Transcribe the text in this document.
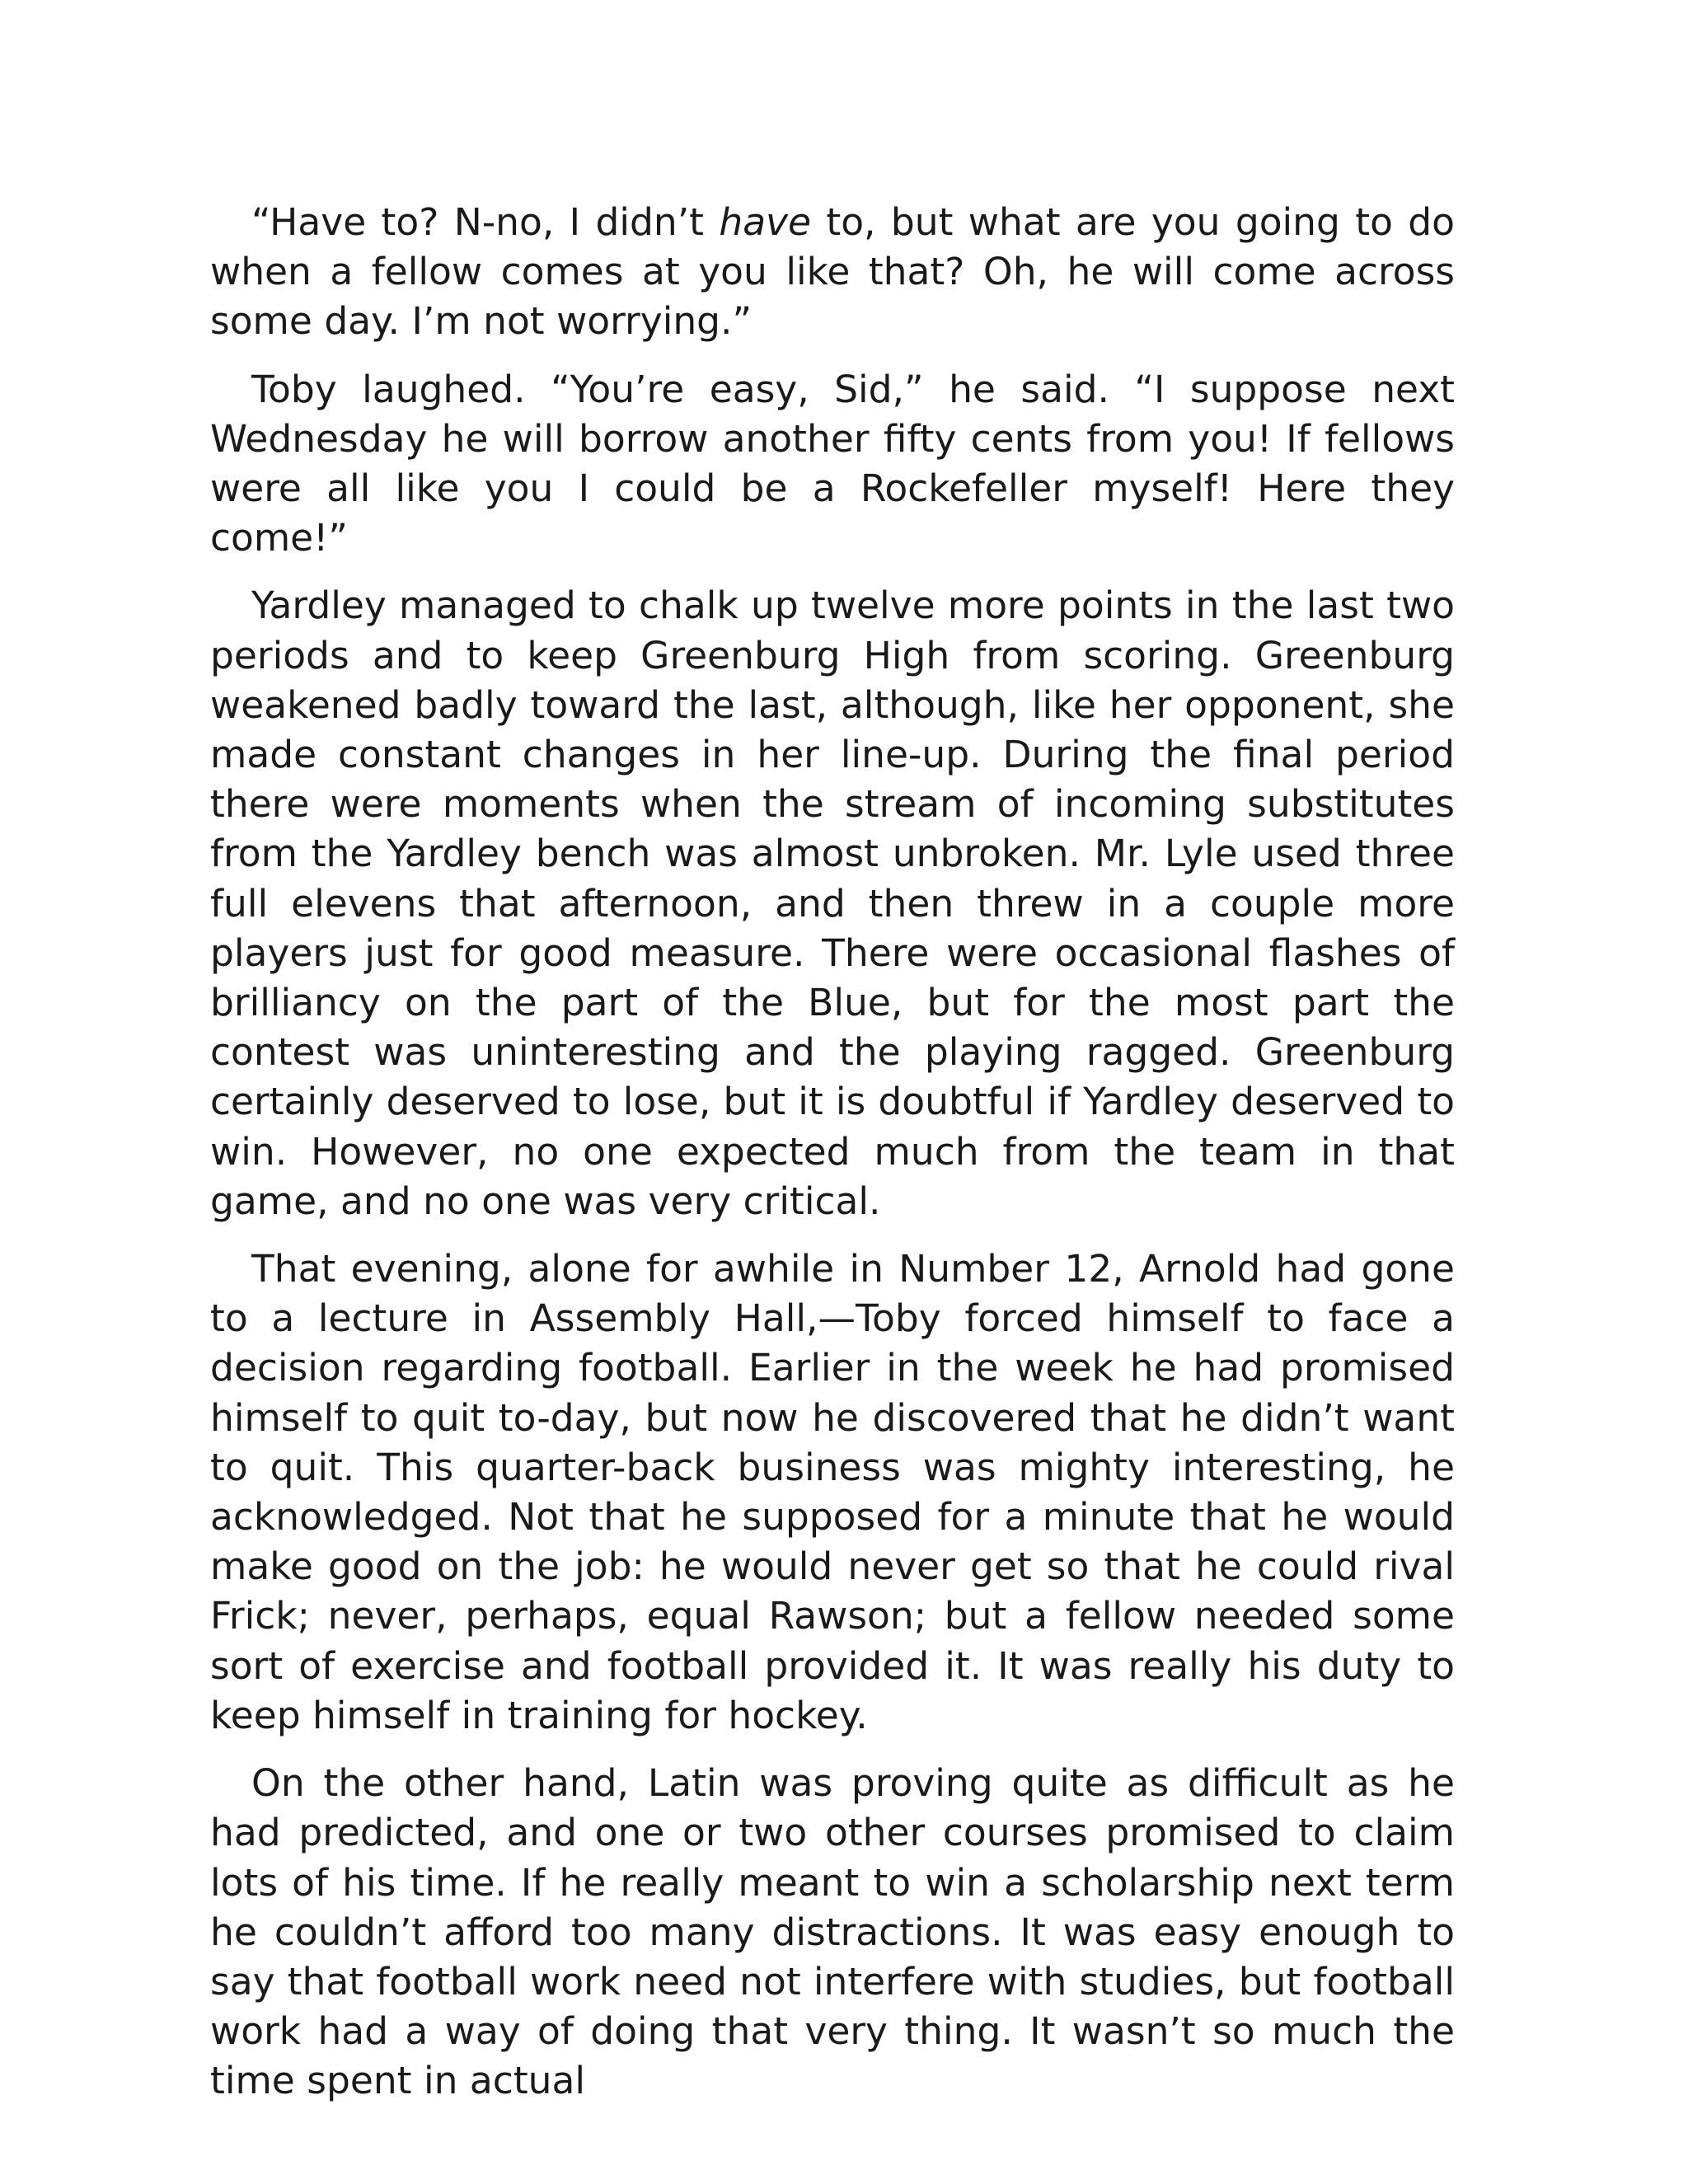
“Have to? N-no, I didn’t have to, but what are you going to do when a fellow comes at you like that? Oh, he will come across some day. I’m not worrying.”

Toby laughed. “You’re easy, Sid,” he said. “I suppose next Wednesday he will borrow another fifty cents from you! If fellows were all like you I could be a Rockefeller myself! Here they come!”

Yardley managed to chalk up twelve more points in the last two periods and to keep Greenburg High from scoring. Greenburg weakened badly toward the last, although, like her opponent, she made constant changes in her line-up. During the final period there were moments when the stream of incoming substitutes from the Yardley bench was almost unbroken. Mr. Lyle used three full elevens that afternoon, and then threw in a couple more players just for good measure. There were occasional flashes of brilliancy on the part of the Blue, but for the most part the contest was uninteresting and the playing ragged. Greenburg certainly deserved to lose, but it is doubtful if Yardley deserved to win. However, no one expected much from the team in that game, and no one was very critical.

That evening, alone for awhile in Number 12, Arnold had gone to a lecture in Assembly Hall,—Toby forced himself to face a decision regarding football. Earlier in the week he had promised himself to quit to-day, but now he discovered that he didn’t want to quit. This quarter-back business was mighty interesting, he acknowledged. Not that he supposed for a minute that he would make good on the job: he would never get so that he could rival Frick; never, perhaps, equal Rawson; but a fellow needed some sort of exercise and football provided it. It was really his duty to keep himself in training for hockey.

On the other hand, Latin was proving quite as difficult as he had predicted, and one or two other courses promised to claim lots of his time. If he really meant to win a scholarship next term he couldn’t afford too many distractions. It was easy enough to say that football work need not interfere with studies, but football work had a way of doing that very thing. It wasn’t so much the time spent in actual
